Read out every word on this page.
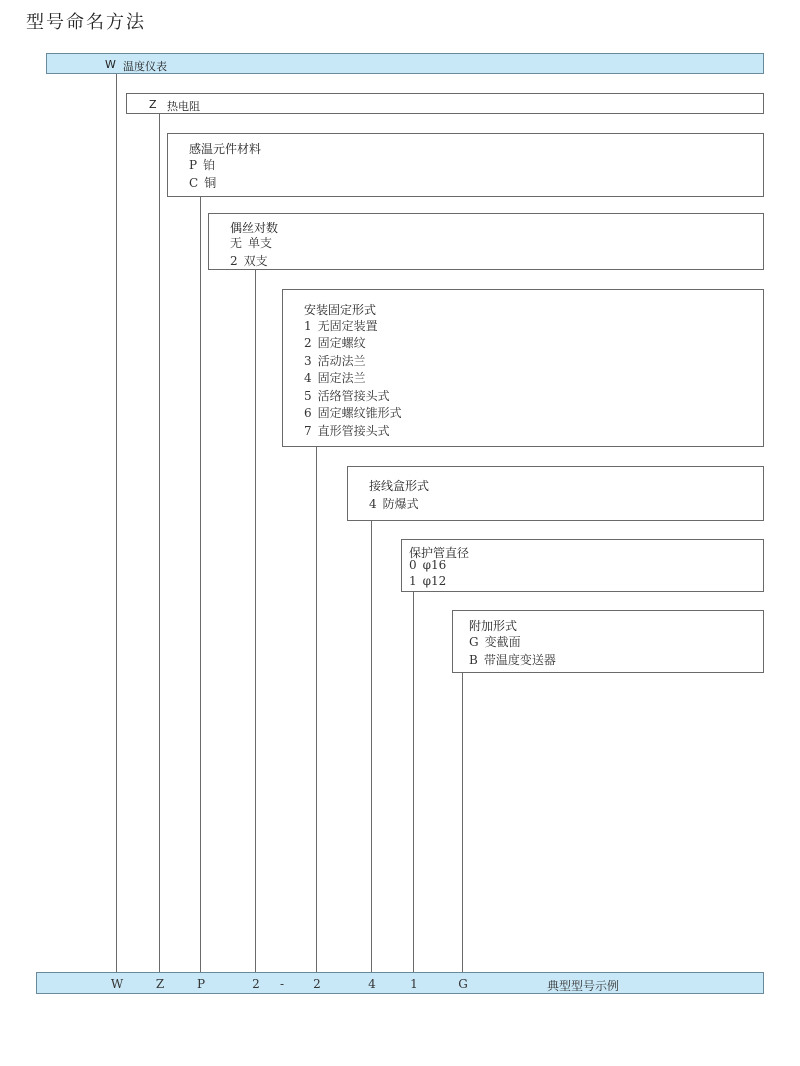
型号命名方法
W 温度仪表
Z 热电阻
感温元件材料
P 铂
C 铜
偶丝对数
无 单支
2 双支
安装固定形式
1 无固定装置
2 固定螺纹
3 活动法兰
4 固定法兰
5 活络管接头式
6 固定螺纹锥形式
7 直形管接头式
接线盒形式
4 防爆式
保护管直径
0 φ16
1 φ12
附加形式
G 变截面
B 带温度变送器
W	Z	P	2 - 2	4	1	G	典型型号示例
